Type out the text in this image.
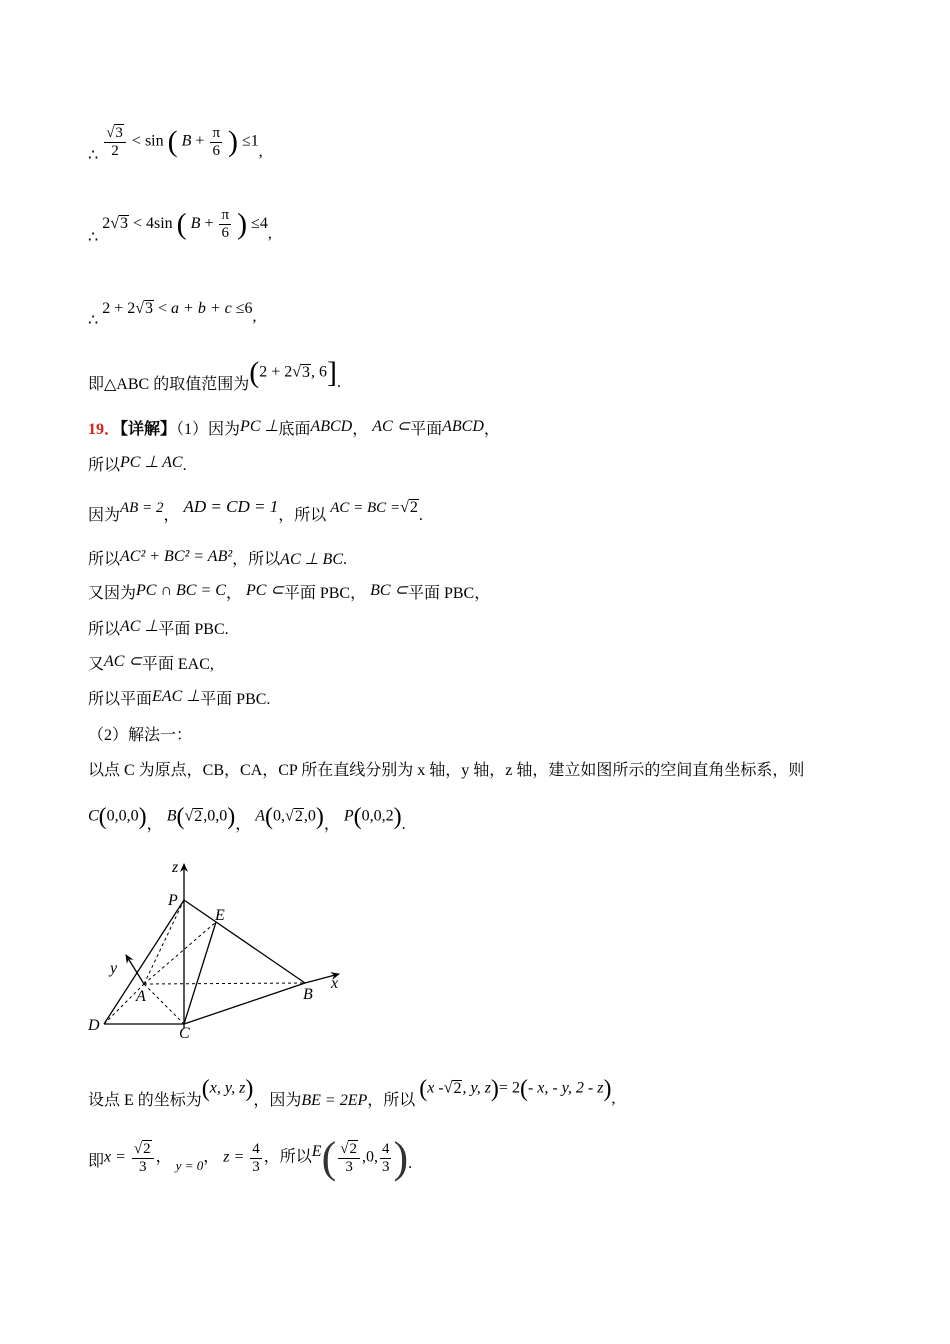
∴ $\frac{√3}{2} < \sin$ ( $B + \frac{\pi}{6}$ ) ≤1,
∴ 2√3 < 4sin ( $B + \frac{\pi}{6}$ ) ≤4,
∴ 2 + 2√3 < a + b + c ≤6,
即△ABC 的取值范围为(2 + 2√3, 6].
19．【详解】（1）因为PC ⊥底面ABCD， AC ⊂平面ABCD，
所以PC ⊥ AC.
因为AB = 2， AD = CD = 1，所以 AC = BC =√2.
所以AC² + BC² = AB²，所以AC ⊥ BC.
又因为PC ∩ BC = C， PC ⊂平面 PBC， BC ⊂平面 PBC，
所以AC ⊥平面 PBC.
又AC ⊂平面 EAC,
所以平面EAC ⊥平面 PBC.
（2）解法一：
以点 C 为原点，CB，CA，CP 所在直线分别为 x 轴，y 轴，z 轴，建立如图所示的空间直角坐标系，则
C(0,0,0)， B(√2,0,0)， A(0,√2,0)， P(0,0,2).
z
y
x
P
E
A	B
C
D
设点 E 的坐标为(x, y, z)，因为BE = 2EP，所以 (x -√2, y, z)= 2(- x, - y, 2 - z),
即$x = \frac{√2}{3}$ ， $_{y = 0}$， $z = \frac{4}{3}$ ，所以$E( \frac{√2}{3} ,0$, $\frac{4}{3}$ ).
